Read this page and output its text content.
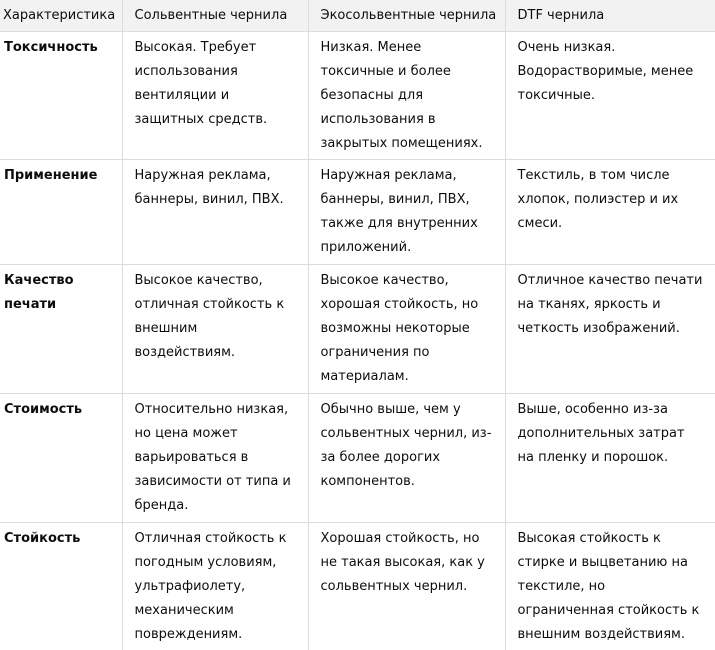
Характеристика	Сольвентные чернила	Экосольвентные чернила	DTF чернила
Токсичность	Высокая. Требует использования вентиляции и защитных средств.	Низкая. Менее токсичные и более безопасны для использования в закрытых помещениях.	Очень низкая. Водорастворимые, менее токсичные.
Применение	Наружная реклама, баннеры, винил, ПВХ.	Наружная реклама, баннеры, винил, ПВХ, также для внутренних приложений.	Текстиль, в том числе хлопок, полиэстер и их смеси.
Качество печати	Высокое качество, отличная стойкость к внешним воздействиям.	Высокое качество, хорошая стойкость, но возможны некоторые ограничения по материалам.	Отличное качество печати на тканях, яркость и четкость изображений.
Стоимость	Относительно низкая, но цена может варьироваться в зависимости от типа и бренда.	Обычно выше, чем у сольвентных чернил, из-за более дорогих компонентов.	Выше, особенно из-за дополнительных затрат на пленку и порошок.
Стойкость	Отличная стойкость к погодным условиям, ультрафиолету, механическим повреждениям.	Хорошая стойкость, но не такая высокая, как у сольвентных чернил.	Высокая стойкость к стирке и выцветанию на текстиле, но ограниченная стойкость к внешним воздействиям.
